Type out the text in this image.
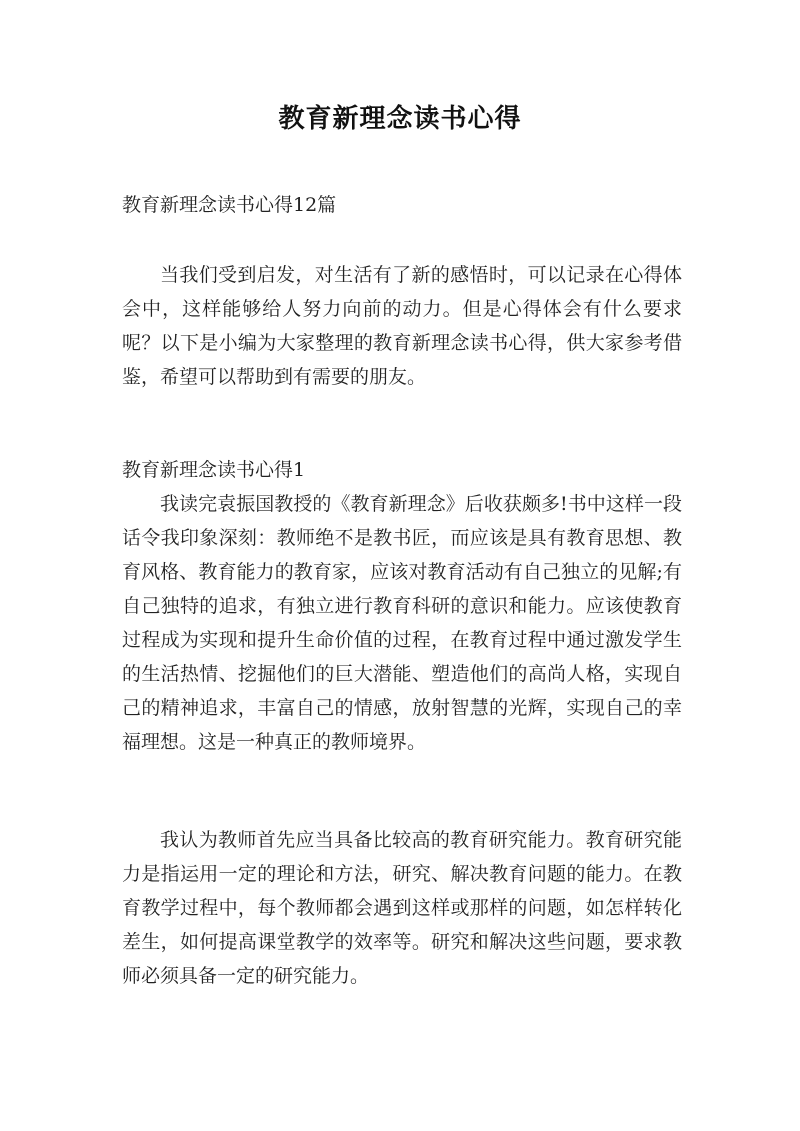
教育新理念读书心得
教育新理念读书心得12篇
当我们受到启发，对生活有了新的感悟时，可以记录在心得体会中，这样能够给人努力向前的动力。但是心得体会有什么要求呢？以下是小编为大家整理的教育新理念读书心得，供大家参考借鉴，希望可以帮助到有需要的朋友。
教育新理念读书心得1
我读完袁振国教授的《教育新理念》后收获颇多!书中这样一段话令我印象深刻：教师绝不是教书匠，而应该是具有教育思想、教育风格、教育能力的教育家，应该对教育活动有自己独立的见解;有自己独特的追求，有独立进行教育科研的意识和能力。应该使教育过程成为实现和提升生命价值的过程，在教育过程中通过激发学生的生活热情、挖掘他们的巨大潜能、塑造他们的高尚人格，实现自己的精神追求，丰富自己的情感，放射智慧的光辉，实现自己的幸福理想。这是一种真正的教师境界。
我认为教师首先应当具备比较高的教育研究能力。教育研究能力是指运用一定的理论和方法，研究、解决教育问题的能力。在教育教学过程中，每个教师都会遇到这样或那样的问题，如怎样转化差生，如何提高课堂教学的效率等。研究和解决这些问题，要求教师必须具备一定的研究能力。
